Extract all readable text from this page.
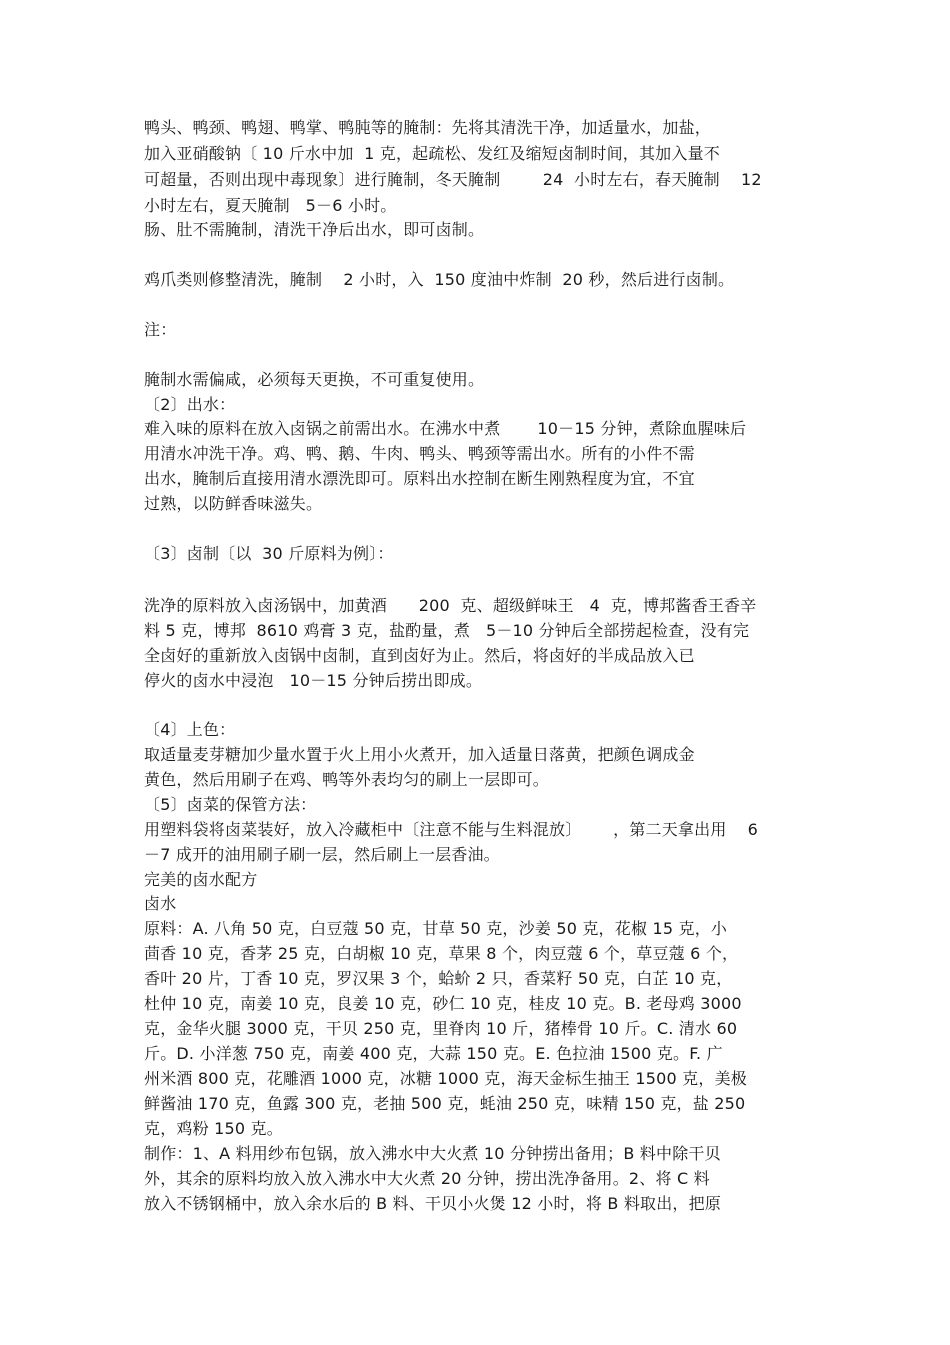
鸭头、鸭颈、鸭翅、鸭掌、鸭肫等的腌制：先将其清洗干净，加适量水，加盐，
加入亚硝酸钠〔 10 斤水中加  1 克，起疏松、发红及缩短卤制时间，其加入量不
可超量，否则出现中毒现象〕进行腌制，冬天腌制        24  小时左右，春天腌制    12
小时左右，夏天腌制   5－6 小时。
肠、肚不需腌制，清洗干净后出水，即可卤制。
鸡爪类则修整清洗，腌制    2 小时，入  150 度油中炸制  20 秒，然后进行卤制。
注：
腌制水需偏咸，必须每天更换，不可重复使用。
〔2〕出水：
难入味的原料在放入卤锅之前需出水。在沸水中煮       10－15 分钟，煮除血腥味后
用清水冲洗干净。鸡、鸭、鹅、牛肉、鸭头、鸭颈等需出水。所有的小件不需
出水，腌制后直接用清水漂洗即可。原料出水控制在断生刚熟程度为宜，不宜
过熟，以防鲜香味滋失。
〔3〕卤制〔以  30 斤原料为例〕：
洗净的原料放入卤汤锅中，加黄酒      200  克、超级鲜味王   4  克，博邦酱香王香辛
料 5 克，博邦  8610 鸡膏 3 克，盐酌量，煮   5－10 分钟后全部捞起检查，没有完
全卤好的重新放入卤锅中卤制，直到卤好为止。然后，将卤好的半成品放入已
停火的卤水中浸泡   10－15 分钟后捞出即成。
〔4〕上色：
取适量麦芽糖加少量水置于火上用小火煮开，加入适量日落黄，把颜色调成金
黄色，然后用刷子在鸡、鸭等外表均匀的刷上一层即可。
〔5〕卤菜的保管方法：
用塑料袋将卤菜装好，放入冷藏柜中〔注意不能与生料混放〕      ，第二天拿出用    6
－7 成开的油用刷子刷一层，然后刷上一层香油。
完美的卤水配方
卤水
原料：A. 八角 50 克，白豆蔻 50 克，甘草 50 克，沙姜 50 克，花椒 15 克，小
茴香 10 克，香茅 25 克，白胡椒 10 克，草果 8 个，肉豆蔻 6 个，草豆蔻 6 个，
香叶 20 片，丁香 10 克，罗汉果 3 个，蛤蚧 2 只，香菜籽 50 克，白芷 10 克，
杜仲 10 克，南姜 10 克，良姜 10 克，砂仁 10 克，桂皮 10 克。B. 老母鸡 3000
克，金华火腿 3000 克，干贝 250 克，里脊肉 10 斤，猪棒骨 10 斤。C. 清水 60
斤。D. 小洋葱 750 克，南姜 400 克，大蒜 150 克。E. 色拉油 1500 克。F. 广
州米酒 800 克，花雕酒 1000 克，冰糖 1000 克，海天金标生抽王 1500 克，美极
鲜酱油 170 克，鱼露 300 克，老抽 500 克，蚝油 250 克，味精 150 克，盐 250
克，鸡粉 150 克。
制作：1、A 料用纱布包锅，放入沸水中大火煮 10 分钟捞出备用；B 料中除干贝
外，其余的原料均放入放入沸水中大火煮 20 分钟，捞出洗净备用。2、将 C 料
放入不锈钢桶中，放入余水后的 B 料、干贝小火煲 12 小时，将 B 料取出，把原
